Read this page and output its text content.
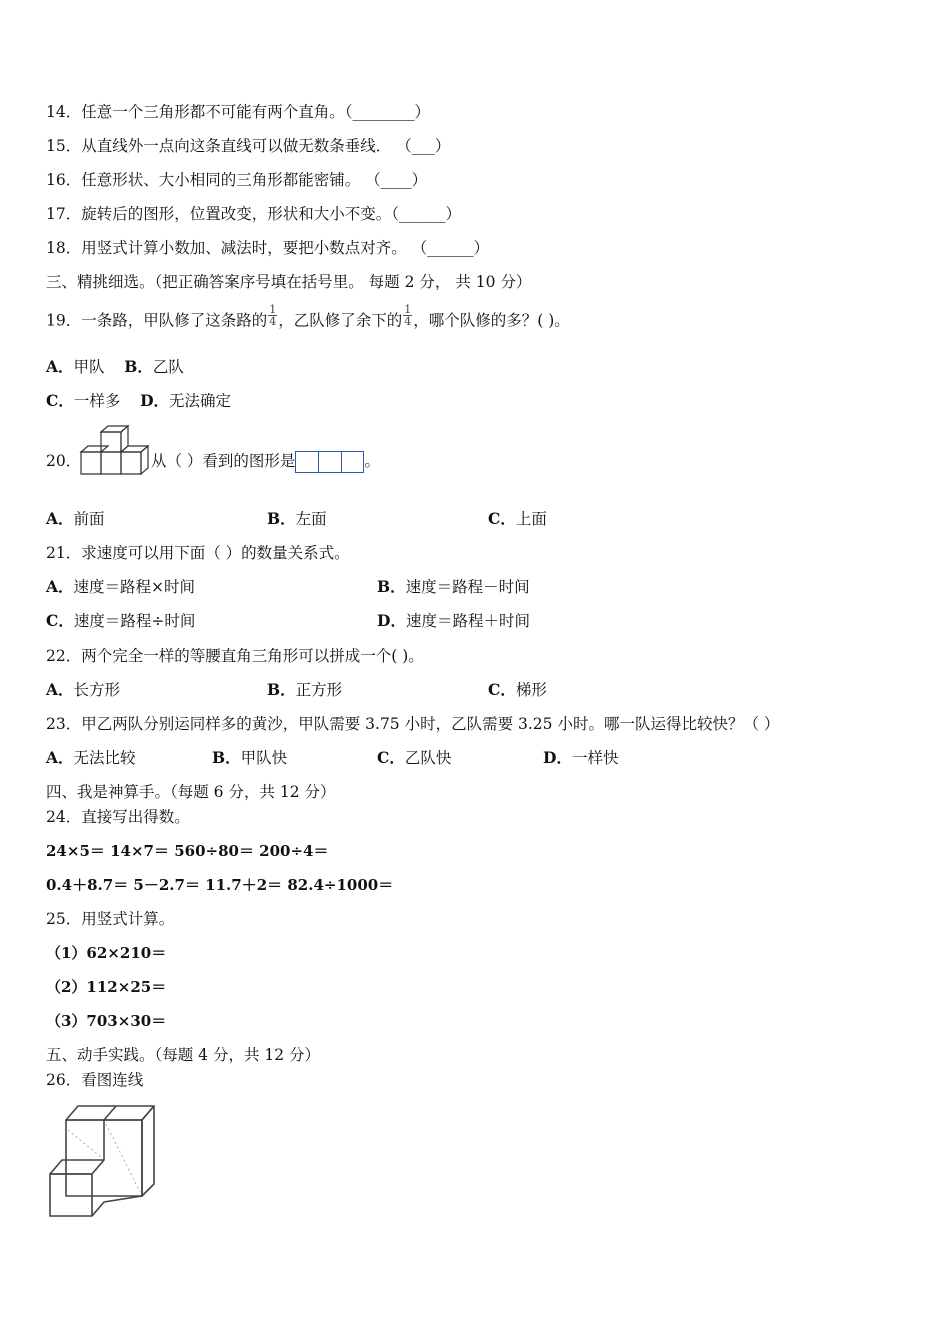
14．任意一个三角形都不可能有两个直角。（________）
15．从直线外一点向这条直线可以做无数条垂线． （___）
16．任意形状、大小相同的三角形都能密铺。 （____）
17．旋转后的图形，位置改变，形状和大小不变。（______）
18．用竖式计算小数加、减法时，要把小数点对齐。 （______）
三、精挑细选。（把正确答案序号填在括号里。 每题 2 分， 共 10 分）
19．一条路，甲队修了这条路的 $\frac{1}{4}$ ，乙队修了余下的 $\frac{1}{4}$ ，哪个队修的多？( )。
A．甲队 B．乙队
C．一样多 D．无法确定
20．	从（ ）看到的图形是	。
A．前面	B．左面	C．上面
21．求速度可以用下面（ ）的数量关系式。
A．速度＝路程×时间	B．速度＝路程－时间
C．速度＝路程÷时间	D．速度＝路程＋时间
22．两个完全一样的等腰直角三角形可以拼成一个( )。
A．长方形	B．正方形	C．梯形
23．甲乙两队分别运同样多的黄沙，甲队需要 3.75 小时，乙队需要 3.25 小时。哪一队运得比较快？（ ）
A．无法比较	B．甲队快	C．乙队快	D．一样快
四、我是神算手。（每题 6 分，共 12 分）
24．直接写出得数。
24×5＝ 14×7＝ 560÷80＝ 200÷4＝
0.4＋8.7＝ 5－2.7＝ 11.7＋2＝ 82.4÷1000＝
25．用竖式计算。
（1）62×210＝
（2）112×25＝
（3）703×30＝
五、动手实践。（每题 4 分，共 12 分）
26．看图连线
